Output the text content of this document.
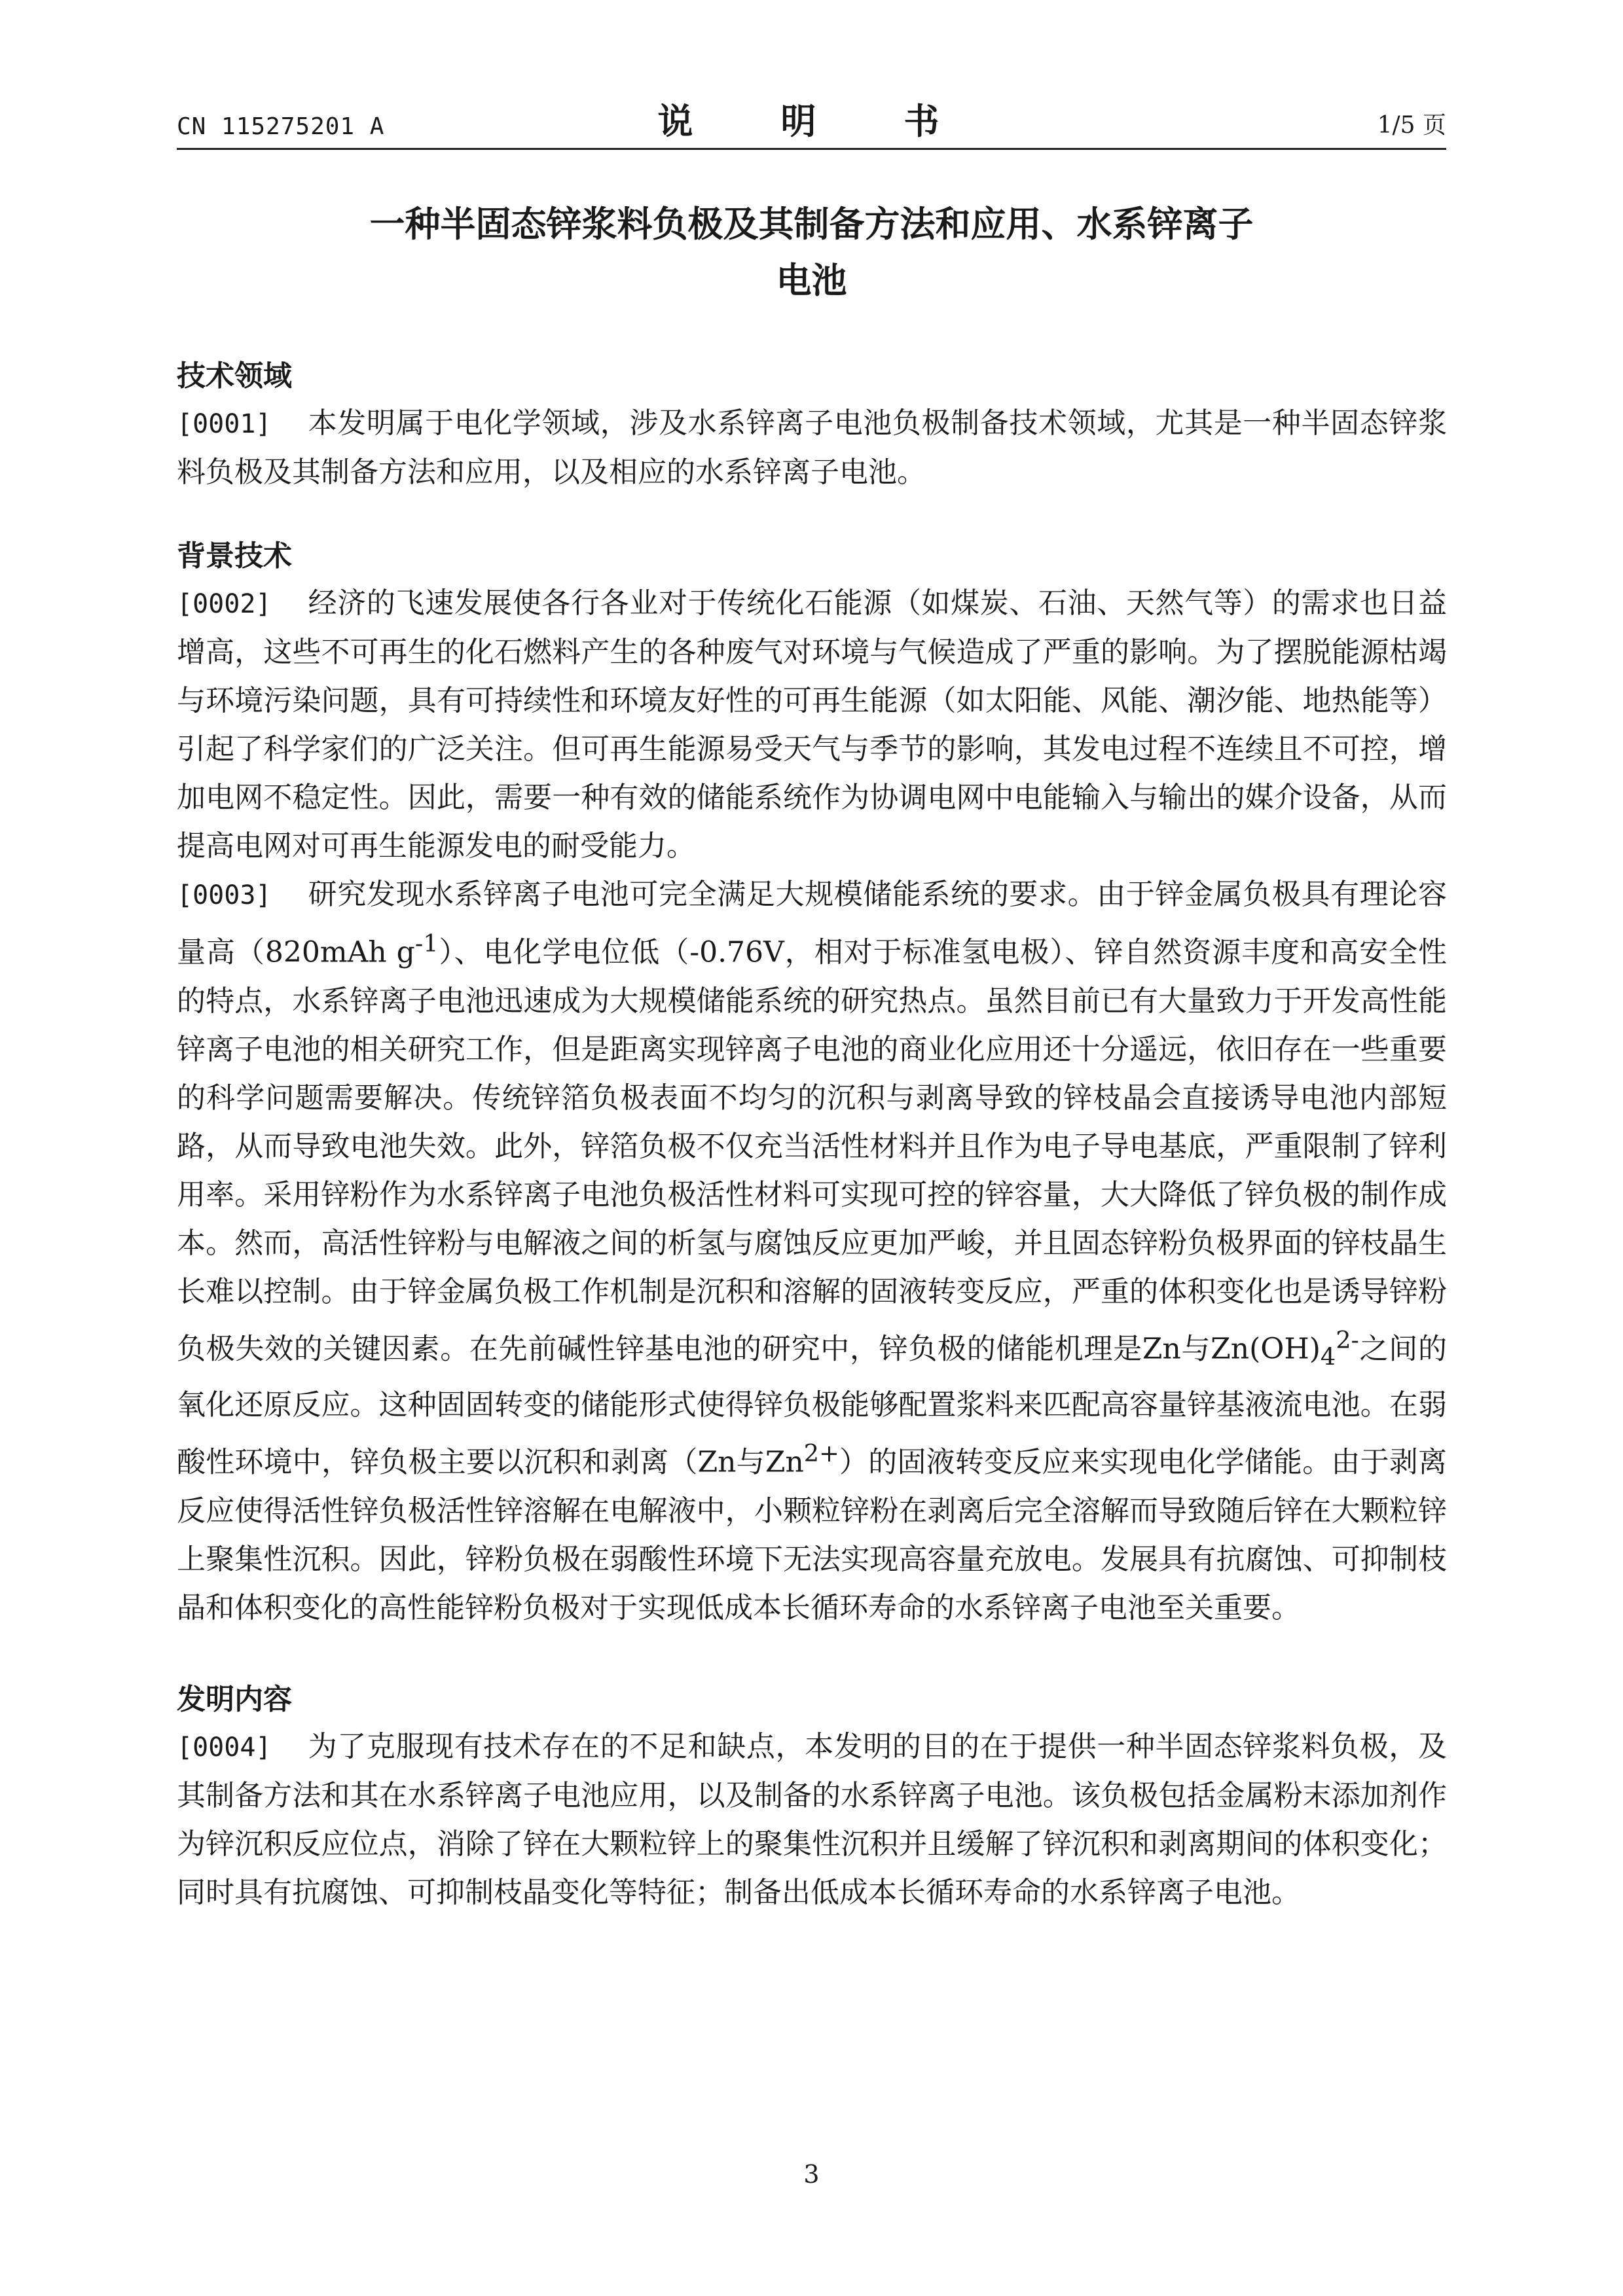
CN 115275201 A	说　明　书	1/5 页
一种半固态锌浆料负极及其制备方法和应用、水系锌离子
电池
技术领域

[0001] 本发明属于电化学领域，涉及水系锌离子电池负极制备技术领域，尤其是一种半固态锌浆料负极及其制备方法和应用，以及相应的水系锌离子电池。

背景技术

[0002] 经济的飞速发展使各行各业对于传统化石能源（如煤炭、石油、天然气等）的需求也日益增高，这些不可再生的化石燃料产生的各种废气对环境与气候造成了严重的影响。为了摆脱能源枯竭与环境污染问题，具有可持续性和环境友好性的可再生能源（如太阳能、风能、潮汐能、地热能等）引起了科学家们的广泛关注。但可再生能源易受天气与季节的影响，其发电过程不连续且不可控，增加电网不稳定性。因此，需要一种有效的储能系统作为协调电网中电能输入与输出的媒介设备，从而提高电网对可再生能源发电的耐受能力。

[0003] 研究发现水系锌离子电池可完全满足大规模储能系统的要求。由于锌金属负极具有理论容量高（820mAh $g^{-1}$）、电化学电位低（-0.76V，相对于标准氢电极）、锌自然资源丰度和高安全性的特点，水系锌离子电池迅速成为大规模储能系统的研究热点。虽然目前已有大量致力于开发高性能锌离子电池的相关研究工作，但是距离实现锌离子电池的商业化应用还十分遥远，依旧存在一些重要的科学问题需要解决。传统锌箔负极表面不均匀的沉积与剥离导致的锌枝晶会直接诱导电池内部短路，从而导致电池失效。此外，锌箔负极不仅充当活性材料并且作为电子导电基底，严重限制了锌利用率。采用锌粉作为水系锌离子电池负极活性材料可实现可控的锌容量，大大降低了锌负极的制作成本。然而，高活性锌粉与电解液之间的析氢与腐蚀反应更加严峻，并且固态锌粉负极界面的锌枝晶生长难以控制。由于锌金属负极工作机制是沉积和溶解的固液转变反应，严重的体积变化也是诱导锌粉负极失效的关键因素。在先前碱性锌基电池的研究中，锌负极的储能机理是Zn与$Zn(OH)_4^{2-}$之间的氧化还原反应。这种固固转变的储能形式使得锌负极能够配置浆料来匹配高容量锌基液流电池。在弱酸性环境中，锌负极主要以沉积和剥离（Zn与$Zn^{2+}$）的固液转变反应来实现电化学储能。由于剥离反应使得活性锌负极活性锌溶解在电解液中，小颗粒锌粉在剥离后完全溶解而导致随后锌在大颗粒锌上聚集性沉积。因此，锌粉负极在弱酸性环境下无法实现高容量充放电。发展具有抗腐蚀、可抑制枝晶和体积变化的高性能锌粉负极对于实现低成本长循环寿命的水系锌离子电池至关重要。

发明内容

[0004] 为了克服现有技术存在的不足和缺点，本发明的目的在于提供一种半固态锌浆料负极，及其制备方法和其在水系锌离子电池应用，以及制备的水系锌离子电池。该负极包括金属粉末添加剂作为锌沉积反应位点，消除了锌在大颗粒锌上的聚集性沉积并且缓解了锌沉积和剥离期间的体积变化；同时具有抗腐蚀、可抑制枝晶变化等特征；制备出低成本长循环寿命的水系锌离子电池。

3
